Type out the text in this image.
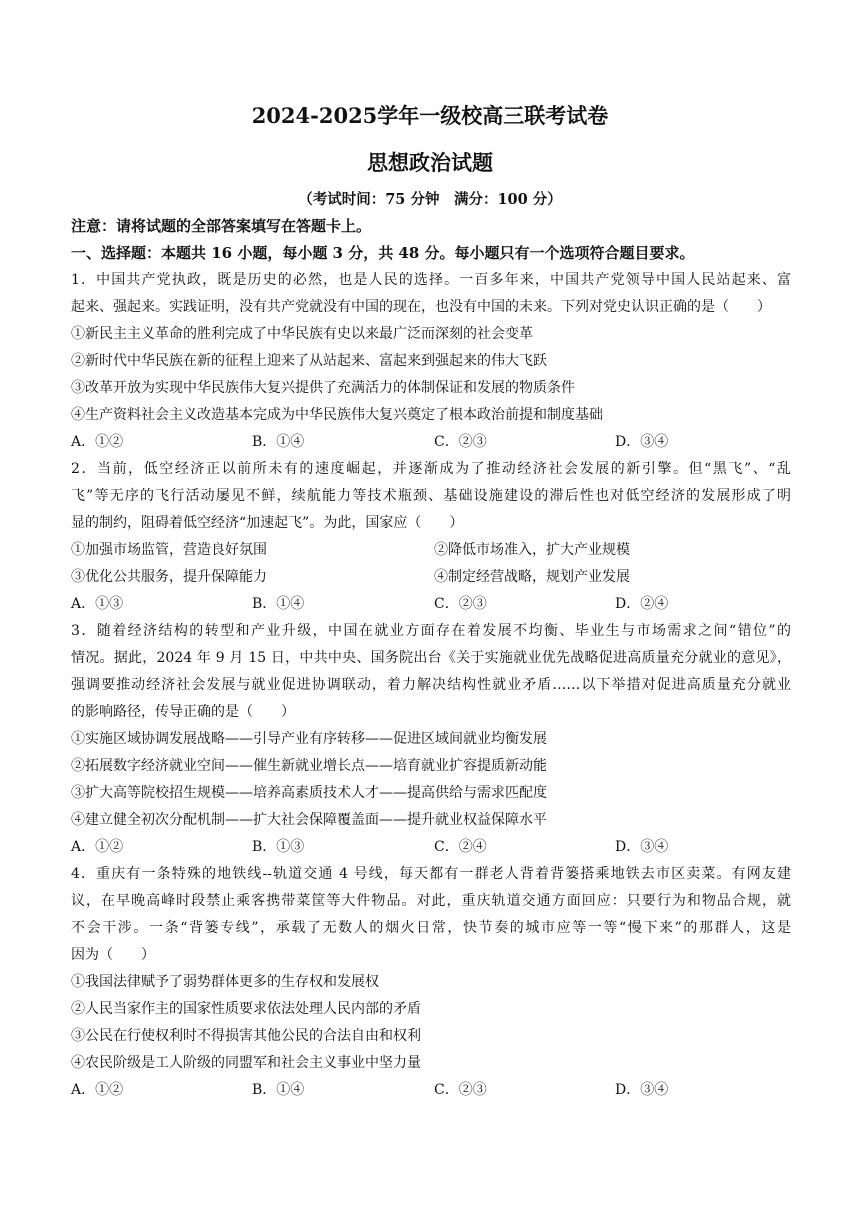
2024-2025学年一级校高三联考试卷
思想政治试题
（考试时间：75 分钟　满分：100 分）
注意：请将试题的全部答案填写在答题卡上。
一、选择题：本题共 16 小题，每小题 3 分，共 48 分。每小题只有一个选项符合题目要求。
1．中国共产党执政，既是历史的必然，也是人民的选择。一百多年来，中国共产党领导中国人民站起来、富
起来、强起来。实践证明，没有共产党就没有中国的现在，也没有中国的未来。下列对党史认识正确的是（　　）
①新民主主义革命的胜利完成了中华民族有史以来最广泛而深刻的社会变革
②新时代中华民族在新的征程上迎来了从站起来、富起来到强起来的伟大飞跃
③改革开放为实现中华民族伟大复兴提供了充满活力的体制保证和发展的物质条件
④生产资料社会主义改造基本完成为中华民族伟大复兴奠定了根本政治前提和制度基础
A．①②	B．①④	C．②③	D．③④
2．当前，低空经济正以前所未有的速度崛起，并逐渐成为了推动经济社会发展的新引擎。但“黑飞”、“乱
飞”等无序的飞行活动屡见不鲜，续航能力等技术瓶颈、基础设施建设的滞后性也对低空经济的发展形成了明
显的制约，阻碍着低空经济“加速起飞”。为此，国家应（　　）
①加强市场监管，营造良好氛围	②降低市场准入，扩大产业规模
③优化公共服务，提升保障能力	④制定经营战略，规划产业发展
A．①③	B．①④	C．②③	D．②④
3．随着经济结构的转型和产业升级，中国在就业方面存在着发展不均衡、毕业生与市场需求之间“错位”的
情况。据此，2024 年 9 月 15 日，中共中央、国务院出台《关于实施就业优先战略促进高质量充分就业的意见》，
强调要推动经济社会发展与就业促进协调联动，着力解决结构性就业矛盾……以下举措对促进高质量充分就业
的影响路径，传导正确的是（　　）
①实施区域协调发展战略——引导产业有序转移——促进区域间就业均衡发展
②拓展数字经济就业空间——催生新就业增长点——培育就业扩容提质新动能
③扩大高等院校招生规模——培养高素质技术人才——提高供给与需求匹配度
④建立健全初次分配机制——扩大社会保障覆盖面——提升就业权益保障水平
A．①②	B．①③	C．②④	D．③④
4．重庆有一条特殊的地铁线--轨道交通 4 号线，每天都有一群老人背着背篓搭乘地铁去市区卖菜。有网友建
议，在早晚高峰时段禁止乘客携带菜筐等大件物品。对此，重庆轨道交通方面回应：只要行为和物品合规，就
不会干涉。一条“背篓专线”，承载了无数人的烟火日常，快节奏的城市应等一等“慢下来”的那群人，这是
因为（　　）
①我国法律赋予了弱势群体更多的生存权和发展权
②人民当家作主的国家性质要求依法处理人民内部的矛盾
③公民在行使权利时不得损害其他公民的合法自由和权利
④农民阶级是工人阶级的同盟军和社会主义事业中坚力量
A．①②	B．①④	C．②③	D．③④
